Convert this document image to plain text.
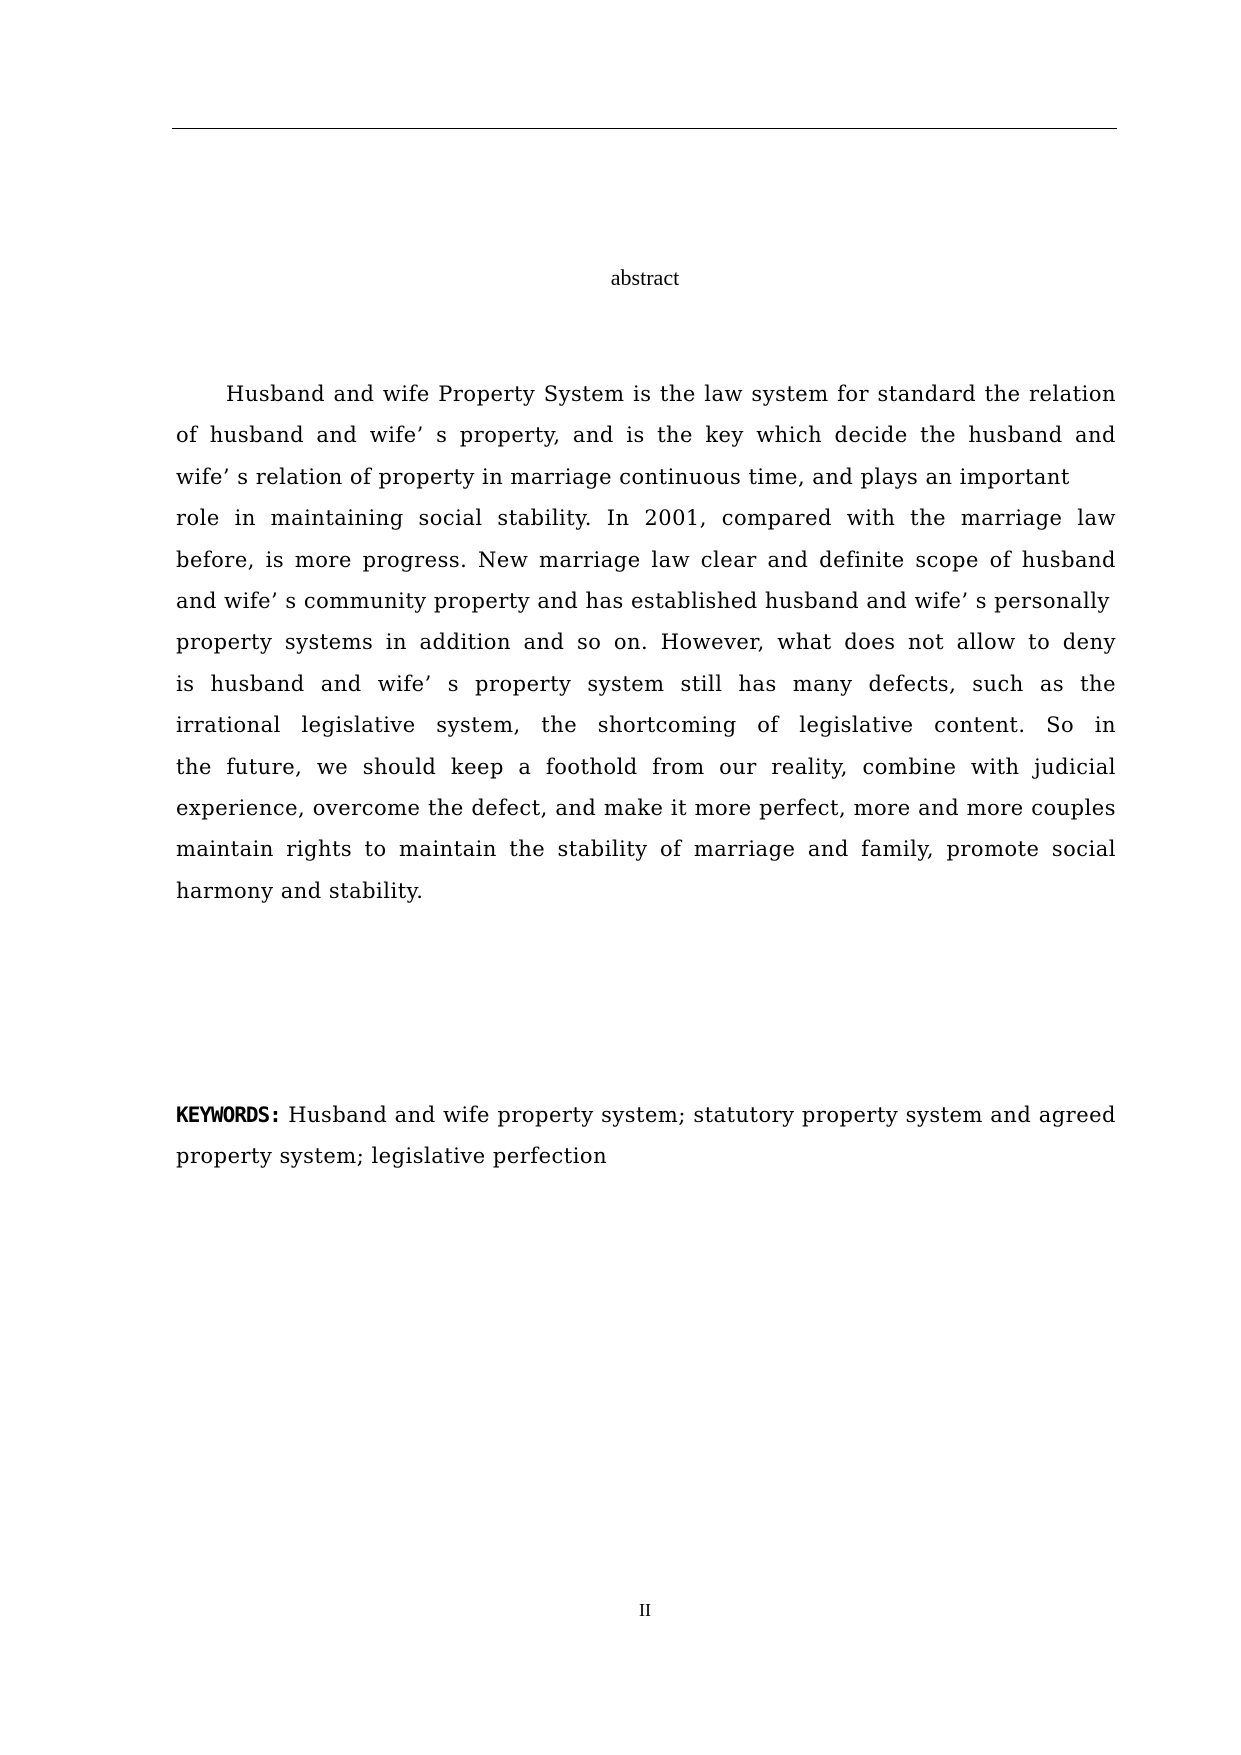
abstract
Husband and wife Property System is the law system for standard the relation
of husband and wife’ s property, and is the key which decide the husband and
wife’ s relation of property in marriage continuous time, and plays an important
role in maintaining social stability. In 2001, compared with the marriage law
before, is more progress. New marriage law clear and definite scope of husband
and wife’ s community property and has established husband and wife’ s personally
property systems in addition and so on. However, what does not allow to deny
is husband and wife’ s property system still has many defects, such as the
irrational legislative system, the shortcoming of legislative content. So in
the future, we should keep a foothold from our reality, combine with judicial
experience, overcome the defect, and make it more perfect, more and more couples
maintain rights to maintain the stability of marriage and family, promote social
harmony and stability.
KEYWORDS: Husband and wife property system; statutory property system and agreed
property system; legislative perfection
II
